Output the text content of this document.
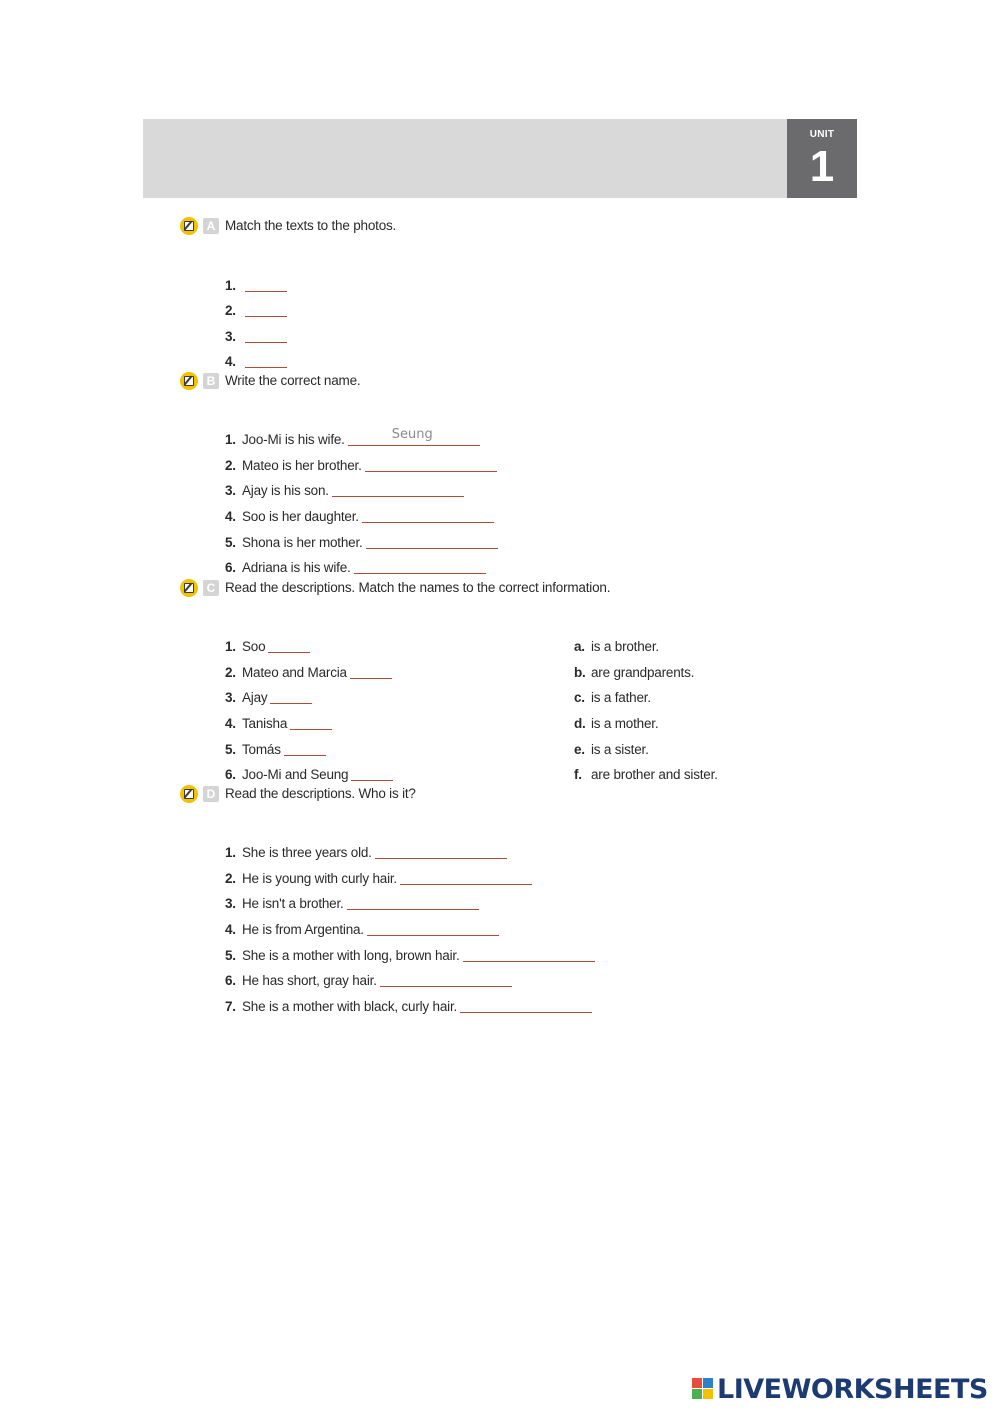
UNIT
1
A Match the texts to the photos.
1.
2.
3.
4.
B Write the correct name.
1. Joo-Mi is his wife.	Seung
2. Mateo is her brother.
3. Ajay is his son.
4. Soo is her daughter.
5. Shona is her mother.
6. Adriana is his wife.
C Read the descriptions. Match the names to the correct information.
1. Soo
2. Mateo and Marcia
3. Ajay
4. Tanisha
5. Tomás
6. Joo-Mi and Seung
a. is a brother.
b. are grandparents.
c. is a father.
d. is a mother.
e. is a sister.
f. are brother and sister.
D Read the descriptions. Who is it?
1. She is three years old.
2. He is young with curly hair.
3. He isn't a brother.
4. He is from Argentina.
5. She is a mother with long, brown hair.
6. He has short, gray hair.
7. She is a mother with black, curly hair.
LIVEWORKSHEETS
